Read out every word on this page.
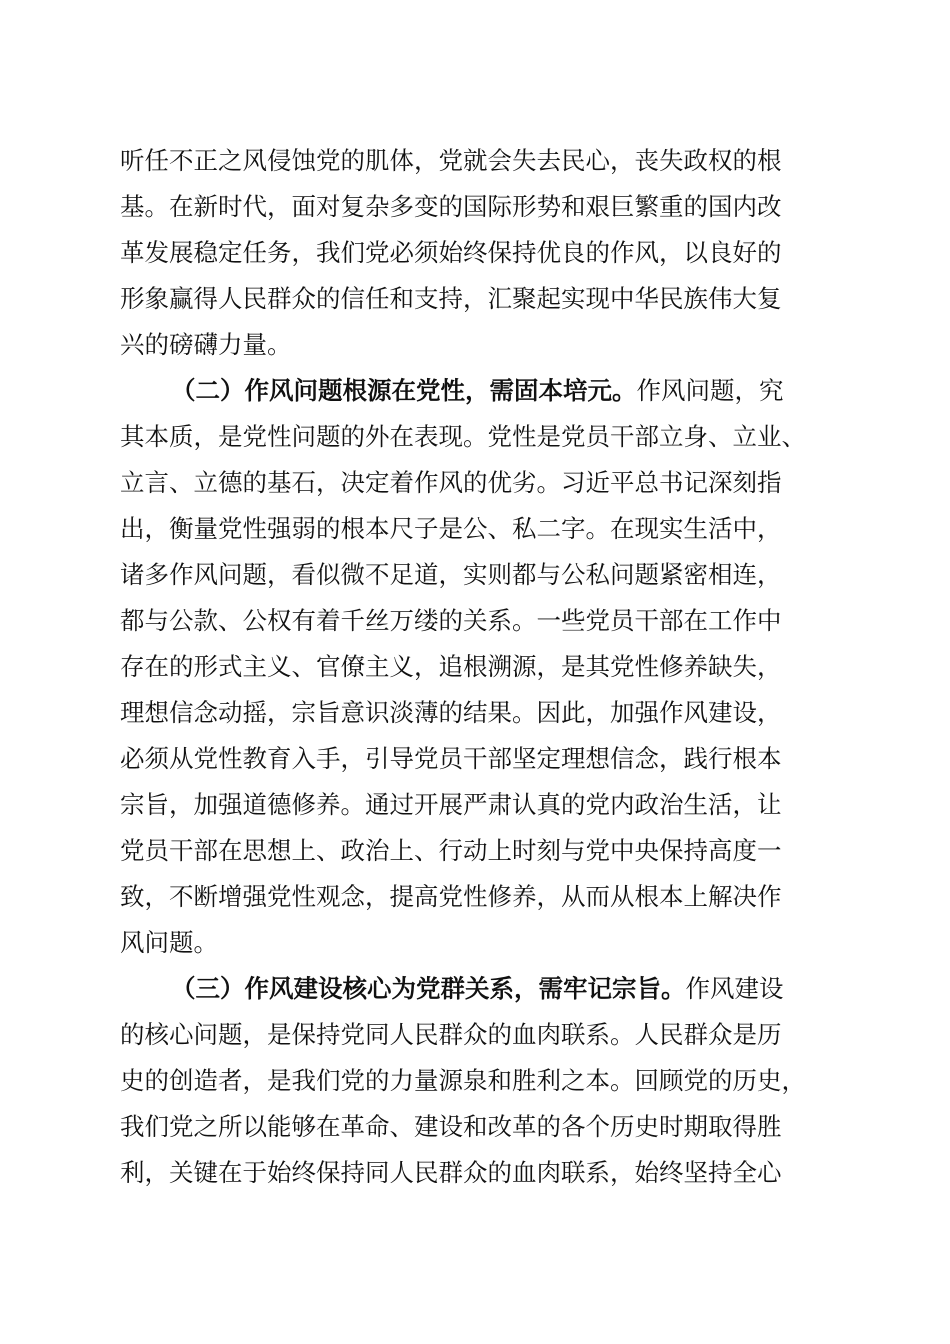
听任不正之风侵蚀党的肌体，党就会失去民心，丧失政权的根
基。在新时代，面对复杂多变的国际形势和艰巨繁重的国内改
革发展稳定任务，我们党必须始终保持优良的作风，以良好的
形象赢得人民群众的信任和支持，汇聚起实现中华民族伟大复
兴的磅礴力量。
（二）作风问题根源在党性，需固本培元。作风问题，究
其本质，是党性问题的外在表现。党性是党员干部立身、立业、
立言、立德的基石，决定着作风的优劣。习近平总书记深刻指
出，衡量党性强弱的根本尺子是公、私二字。在现实生活中，
诸多作风问题，看似微不足道，实则都与公私问题紧密相连，
都与公款、公权有着千丝万缕的关系。一些党员干部在工作中
存在的形式主义、官僚主义，追根溯源，是其党性修养缺失，
理想信念动摇，宗旨意识淡薄的结果。因此，加强作风建设，
必须从党性教育入手，引导党员干部坚定理想信念，践行根本
宗旨，加强道德修养。通过开展严肃认真的党内政治生活，让
党员干部在思想上、政治上、行动上时刻与党中央保持高度一
致，不断增强党性观念，提高党性修养，从而从根本上解决作
风问题。
（三）作风建设核心为党群关系，需牢记宗旨。作风建设
的核心问题，是保持党同人民群众的血肉联系。人民群众是历
史的创造者，是我们党的力量源泉和胜利之本。回顾党的历史，
我们党之所以能够在革命、建设和改革的各个历史时期取得胜
利，关键在于始终保持同人民群众的血肉联系，始终坚持全心
